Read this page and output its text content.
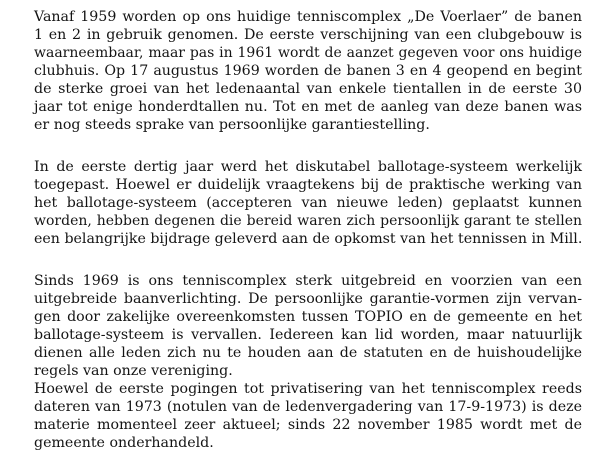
Vanaf 1959 worden op ons huidige tenniscomplex „De Voerlaer” de banen

1 en 2 in gebruik genomen. De eerste verschijning van een clubgebouw is

waarneembaar, maar pas in 1961 wordt de aanzet gegeven voor ons huidige

clubhuis. Op 17 augustus 1969 worden de banen 3 en 4 geopend en begint

de sterke groei van het ledenaantal van enkele tientallen in de eerste 30

jaar tot enige honderdtallen nu. Tot en met de aanleg van deze banen was

er nog steeds sprake van persoonlijke garantiestelling.

In de eerste dertig jaar werd het diskutabel ballotage-systeem werkelijk

toegepast. Hoewel er duidelijk vraagtekens bij de praktische werking van

het ballotage-systeem (accepteren van nieuwe leden) geplaatst kunnen

worden, hebben degenen die bereid waren zich persoonlijk garant te stellen

een belangrijke bijdrage geleverd aan de opkomst van het tennissen in Mill.

Sinds 1969 is ons tenniscomplex sterk uitgebreid en voorzien van een

uitgebreide baanverlichting. De persoonlijke garantie-vormen zijn vervan-

gen door zakelijke overeenkomsten tussen TOPIO en de gemeente en het

ballotage-systeem is vervallen. Iedereen kan lid worden, maar natuurlijk

dienen alle leden zich nu te houden aan de statuten en de huishoudelijke

regels van onze vereniging.

Hoewel de eerste pogingen tot privatisering van het tenniscomplex reeds

dateren van 1973 (notulen van de ledenvergadering van 17-9-1973) is deze

materie momenteel zeer aktueel; sinds 22 november 1985 wordt met de

gemeente onderhandeld.
